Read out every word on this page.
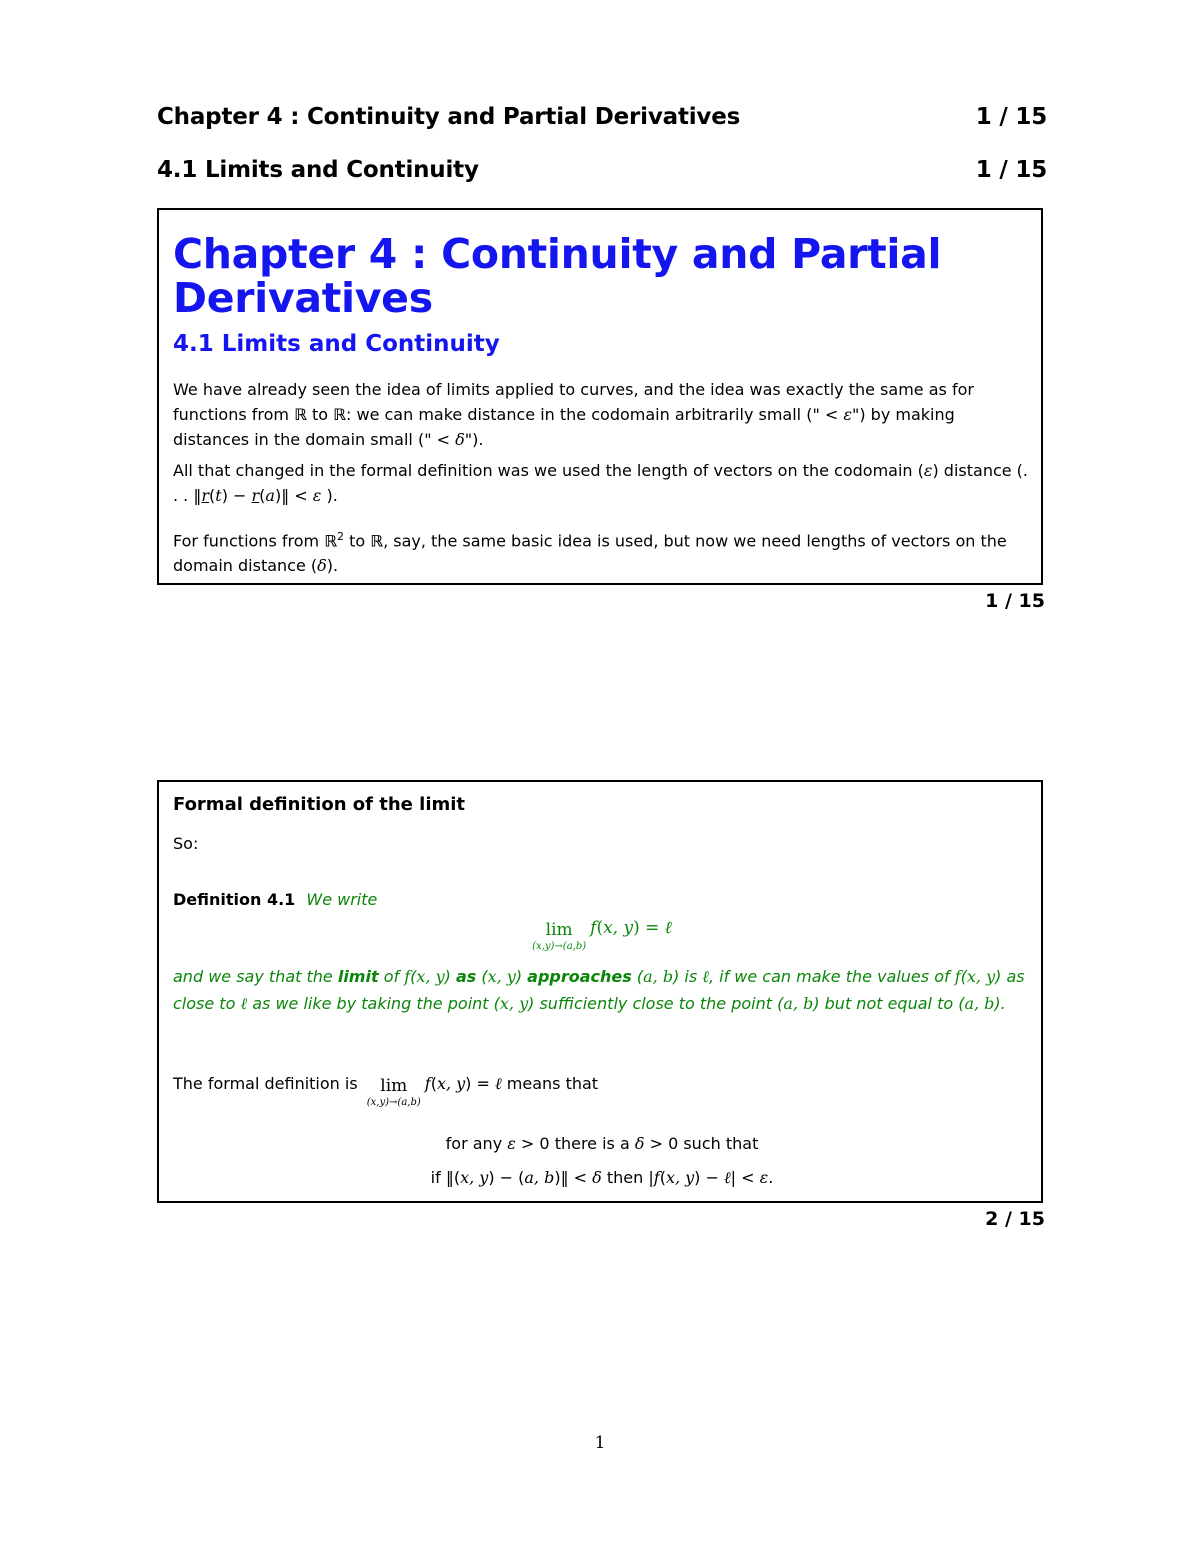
Chapter 4 : Continuity and Partial Derivatives	1 / 15
4.1 Limits and Continuity	1 / 15
Chapter 4 : Continuity and Partial Derivatives
4.1 Limits and Continuity
We have already seen the idea of limits applied to curves, and the idea was exactly the same as for functions from ℝ to ℝ: we can make distance in the codomain arbitrarily small (" < ε") by making distances in the domain small (" < δ").
All that changed in the formal definition was we used the length of vectors on the codomain (ε) distance (. . . ‖r(t) − r(a)‖ < ε ).
For functions from ℝ$^2$ to ℝ, say, the same basic idea is used, but now we need lengths of vectors on the domain distance (δ).
1 / 15
Formal definition of the limit
So:
Definition 4.1 We write
lim
(x,y)→(a,b)
f(x, y) = ℓ
and we say that the limit of f(x, y) as (x, y) approaches (a, b) is ℓ, if we can make the values of f(x, y) as close to ℓ as we like by taking the point (x, y) sufficiently close to the point (a, b) but not equal to (a, b).
The formal definition is	lim
(x,y)→(a,b)
f(x, y) = ℓ means that
for any ε > 0 there is a δ > 0 such that
if ‖(x, y) − (a, b)‖ < δ then |f(x, y) − ℓ| < ε.
2 / 15
1
